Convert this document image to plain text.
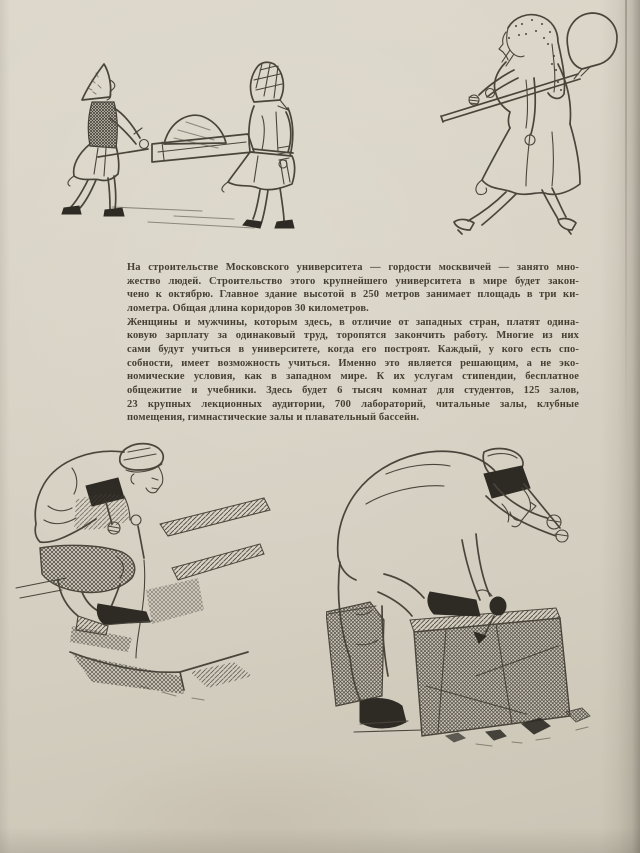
На строительстве Московского университета — гордости москвичей — занято мно-
жество людей. Строительство этого крупнейшего университета в мире будет закон-
чено к октябрю. Главное здание высотой в 250 метров занимает площадь в три ки-
лометра. Общая длина коридоров 30 километров.
Женщины и мужчины, которым здесь, в отличие от западных стран, платят одина-
ковую зарплату за одинаковый труд, торопятся закончить работу. Многие из них
сами будут учиться в университете, когда его построят. Каждый, у кого есть спо-
собности, имеет возможность учиться. Именно это является решающим, а не эко-
номические условия, как в западном мире. К их услугам стипендии, бесплатное
общежитие и учебники. Здесь будет 6 тысяч комнат для студентов, 125 залов,
23 крупных лекционных аудитории, 700 лабораторий, читальные залы, клубные
помещения, гимнастические залы и плавательный бассейн.
